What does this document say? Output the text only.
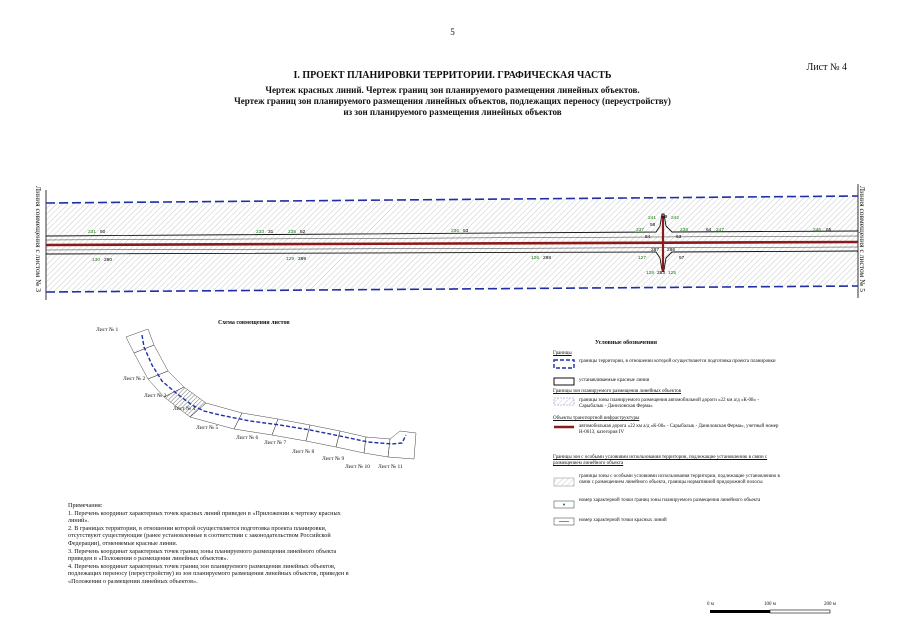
5
Лист № 4
I. ПРОЕКТ ПЛАНИРОВКИ ТЕРРИТОРИИ. ГРАФИЧЕСКАЯ ЧАСТЬ
Чертеж красных линий. Чертеж границ зон планируемого размещения линейных объектов.
Чертеж границ зон планируемого размещения линейных объектов, подлежащих переносу (переустройству)
из зон планируемого размещения линейных объектов
Линия совмещения с листом № 3	Линия совмещения с листом № 5
231 50	233 31	235 52	236 53
241 59 242
58
237
54	63
238	64 247	246 65
130 290	129 289	126 288
287 286
127	57
128 283 125
Схема совмещения листов
Лист № 1
Лист № 2
Лист № 3
Лист № 4
Лист № 5
Лист № 6
Лист № 7
Лист № 8
Лист № 9
Лист № 10 Лист № 11
Условные обозначения
Границы
границы территории, в отношении которой осуществляется подготовка проекта планировки
устанавливаемые красные линии
Границы зон планируемого размещения линейных объектов
границы зоны планируемого размещения автомобильной дороги «22 км а/д «К-08» - Сарыбалык - Даниловская Ферма»
Объекты транспортной инфраструктуры
автомобильная дорога «22 км а/д «К-08» - Сарыбалык - Даниловская Ферма», учетный номер Н-0613, категория IV
Границы зон с особыми условиями использования территории, подлежащие установлению в связи с размещением линейного объекта
границы зоны с особыми условиями использования территории, подлежащие установлению в связи с размещением линейного объекта, границы нормативной придорожной полосы
номер характерной точки границ зоны планируемого размещения линейного объекта
номер характерной точки красных линий
Примечания:
1. Перечень координат характерных точек красных линий приведен в «Приложении к чертежу красных линий».
2. В границах территории, в отношении которой осуществляется подготовка проекта планировки, отсутствуют существующие (ранее установленные в соответствии с законодательством Российской Федерации), отменяемые красные линии.
3. Перечень координат характерных точек границ зоны планируемого размещения линейного объекта приведен в «Положении о размещении линейных объектов».
4. Перечень координат характерных точек границ зон планируемого размещения линейных объектов, подлежащих переносу (переустройству) из зон планируемого размещения линейных объектов, приведен в «Положении о размещении линейных объектов».
0 м	100 м	200 м
